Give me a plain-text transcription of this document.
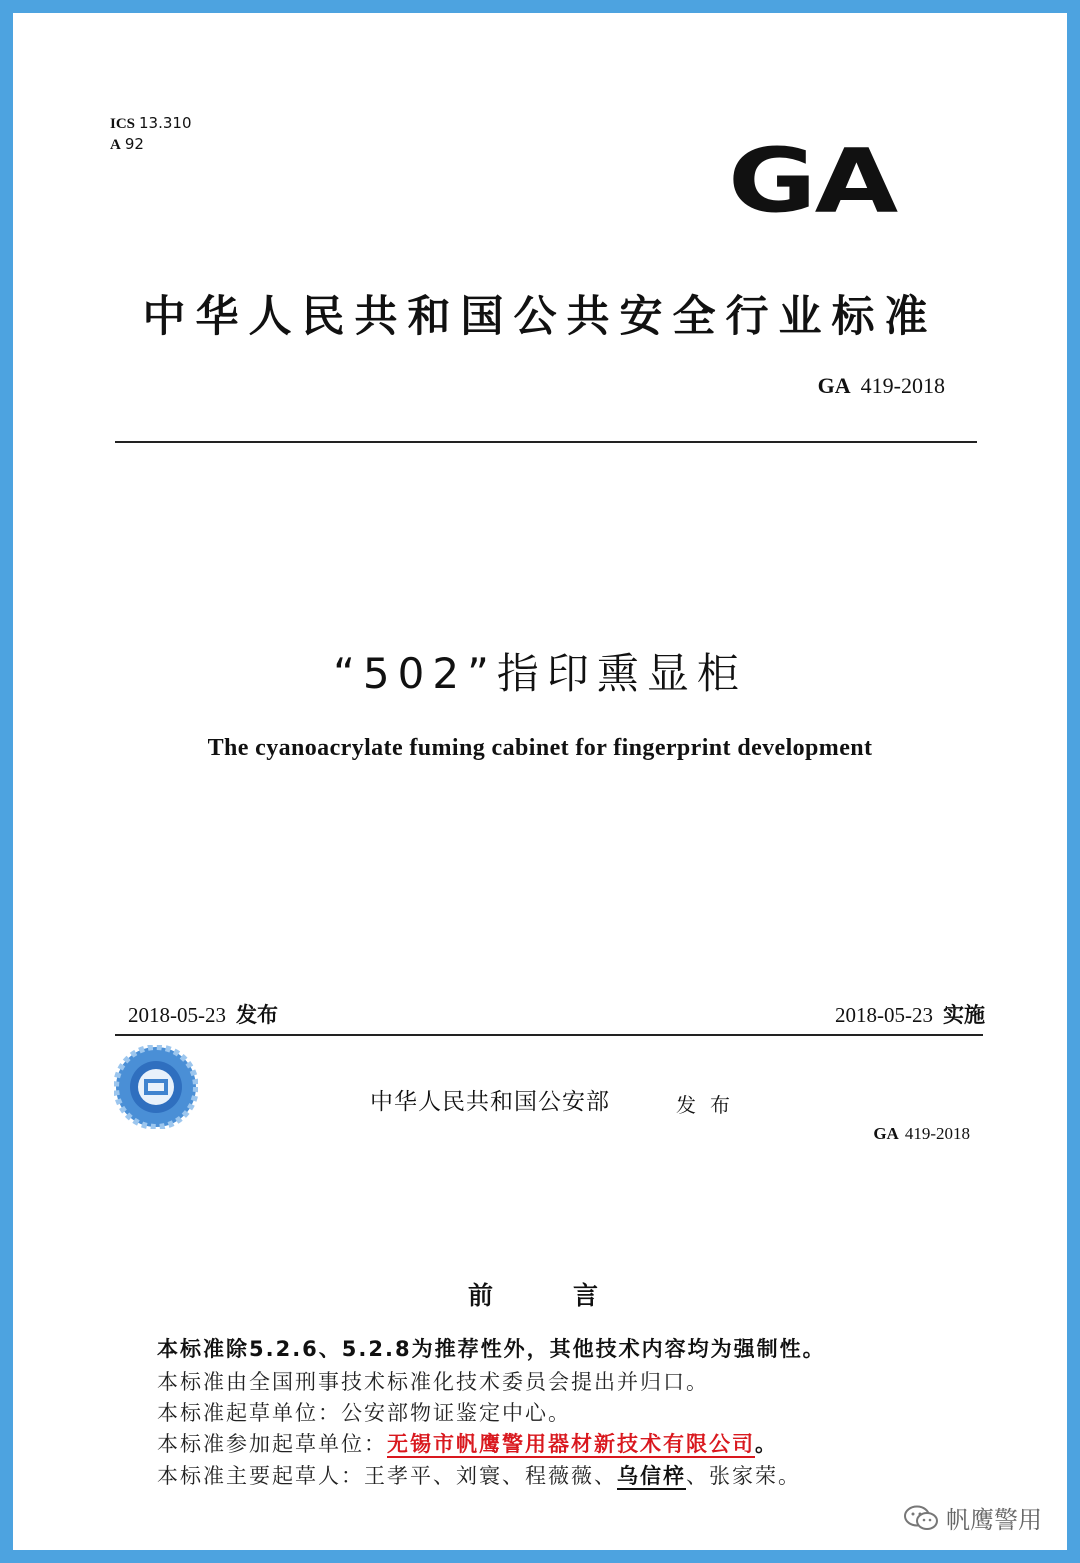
ICS 13.310
A 92	GA
中华人民共和国公共安全行业标准
GA 419-2018
“502”指印熏显柜
The cyanoacrylate fuming cabinet for fingerprint development
2018-05-23 发布	2018-05-23 实施
中华人民共和国公安部	发布
GA 419-2018
前言
本标准除5.2.6、5.2.8为推荐性外，其他技术内容均为强制性。
本标准由全国刑事技术标准化技术委员会提出并归口。
本标准起草单位：公安部物证鉴定中心。
本标准参加起草单位：无锡市帆鹰警用器材新技术有限公司。
本标准主要起草人：王孝平、刘寰、程薇薇、乌信梓、张家荣。
帆鹰警用
